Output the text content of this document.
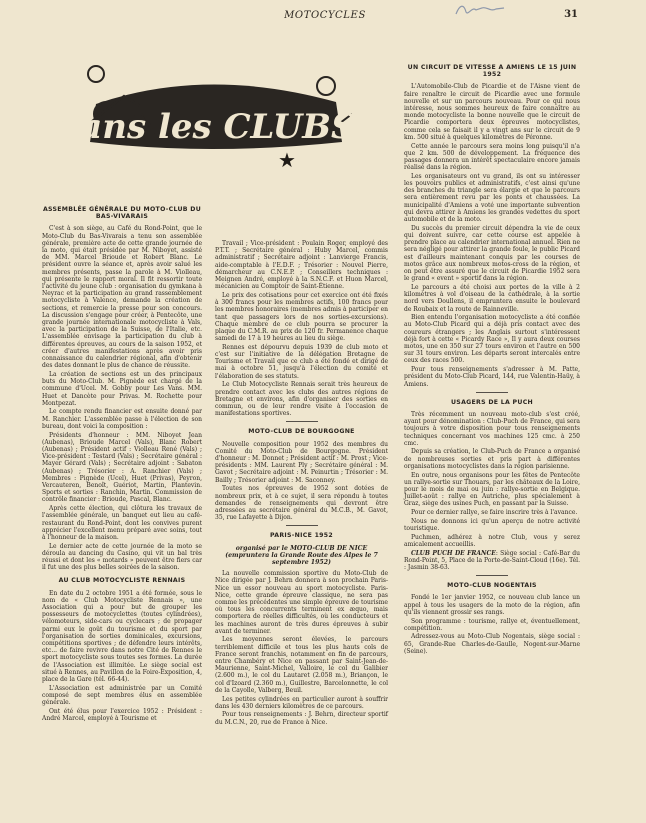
MOTOCYCLES	31
dans les CLUBS
★
ASSEMBLÉE GÉNÉRALE DU MOTO-CLUB DU BAS-VIVARAIS

C'est à son siège, au Café du Rond-Point, que le Moto-Club du Bas-Vivarais a tenu son assemblée générale, première acte de cette grande journée de la moto, qui était présidée par M. Niboyet, assisté de MM. Marcel Brioude et Robert Blanc. Le président ouvre la séance et, après avoir salué les membres présents, passe la parole à M. Violleau, qui présente le rapport moral. Il fit ressortir toute l'activité du jeune club : organisation du gymkana à Neyrac et la participation au grand rassemblement motocycliste à Valence, demande la création de sections, et remercie la presse pour son concours. La discussion s'engage pour créer, à Pentecôte, une grande journée internationale motocycliste à Vals, avec la participation de la Suisse, de l'Italie, etc. L'assemblée envisage la participation du club à différentes épreuves, au cours de la saison 1952, et créer d'autres manifestations après avoir pris connaissance du calendrier régional, afin d'obtenir des dates donnant le plus de chance de réussite.

La création de sections est un des principaux buts du Moto-Club. M. Pignède est chargé de la commune d'Ucel. M. Gobby pour Les Vans. MM. Huet et Dancète pour Privas. M. Rochette pour Montpezat.

Le compte rendu financier est ensuite donné par M. Ranchier. L'assemblée passe à l'élection de son bureau, dont voici la composition :

Présidents d'honneur : MM. Niboyet Jean (Aubenas), Brioude Marcel (Vals), Blanc Robert (Aubenas) ; Président actif : Violleau René (Vals) ; Vice-président : Testard (Vals) ; Secrétaire général : Mayer Gérard (Vals) ; Secrétaire adjoint : Sabaton (Aubenas) ; Trésorier : A. Ranchier (Vals) ; Membres : Pignède (Ucel), Huet (Privas), Peyron, Vercauteren, Benoît, Guériot, Martin, Plantevin. Sports et sorties : Ranchin, Martin. Commission de contrôle financier : Brioude, Pascal, Blanc.

Après cette élection, qui clôtura les travaux de l'assemblée générale, un banquet eut lieu au café-restaurant du Rond-Point, dont les convives purent apprécier l'excellent menu préparé avec soins, tout à l'honneur de la maison.

Le dernier acte de cette journée de la moto se déroula au dancing du Casino, qui vit un bal très réussi et dont les « motards » peuvent être fiers car il fut une des plus belles soirées de la saison.

AU CLUB MOTOCYCLISTE RENNAIS

En date du 2 octobre 1951 a été formée, sous le nom de « Club Motocycliste Rennais », une Association qui a pour but de grouper les possesseurs de motocyclettes (toutes cylindrées), vélomoteurs, side-cars ou cyclecars ; de propager parmi eux le goût du tourisme et du sport par l'organisation de sorties dominicales, excursions, compétitions sportives ; de défendre leurs intérêts, etc... de faire revivre dans notre Cité de Rennes le sport motocycliste sous toutes ses formes. La durée de l'Association est illimitée. Le siège social est situé à Rennes, au Pavillon de la Foire-Exposition, 4, place de la Gare (tél. 66-44).

L'Association est administrée par un Comité composé de sept membres élus en assemblée générale.

Ont été élus pour l'exercice 1952 : Président : André Marcel, employé à Tourisme et

Travail ; Vice-président : Poulain Roger, employé des P.T.T. ; Secrétaire général : Huby Marcel, commis administratif ; Secrétaire adjoint : Lanvierge Francis, aide-comptable à l'E.D.F. ; Trésorier : Nouvel Pierre, démarcheur au C.N.E.P. ; Conseillers techniques : Meignen André, employé à la S.N.C.F. et Huon Marcel, mécanicien au Comptoir de Saint-Étienne.

Le prix des cotisations pour cet exercice ont été fixés à 300 francs pour les membres actifs, 100 francs pour les membres honoraires (membres admis à participer en tant que passagers lors de nos sorties-excursions). Chaque membre de ce club pourra se procurer la plaque du C.M.R. au prix de 120 fr. Permanence chaque samedi de 17 à 19 heures au lieu du siège.

Rennes est dépourvu depuis 1939 de club moto et c'est sur l'initiative de la délégation Bretagne de Tourisme et Travail que ce club a été fondé et dirigé de mai à octobre 51, jusqu'à l'élection du comité et l'élaboration de ses statuts.

Le Club Motocycliste Rennais serait très heureux de prendre contact avec les clubs des autres régions de Bretagne et environs, afin d'organiser des sorties en commun, ou de leur rendre visite à l'occasion de manifestations sportives.

MOTO-CLUB DE BOURGOGNE

Nouvelle composition pour 1952 des membres du Comité du Moto-Club de Bourgogne. Président d'honneur : M. Donnet ; Président actif : M. Prost ; Vice-présidents : MM. Laurent Ply ; Secrétaire général : M. Gavot ; Secrétaire adjoint : M. Peinurtin ; Trésorier : M. Bailly ; Trésorier adjoint : M. Saconney.

Toutes nos épreuves de 1952 sont dotées de nombreux prix, et à ce sujet, il sera répondu à toutes demandes de renseignements qui devront être adressées au secrétaire général du M.C.B., M. Gavot, 35, rue Lafayette à Dijon.

PARIS-NICE 1952
organisé par le MOTO-CLUB DE NICE (empruntera la Grande Route des Alpes le 7 septembre 1952)

La nouvelle commission sportive du Moto-Club de Nice dirigée par J. Behrn donnera à son prochain Paris-Nice un essor nouveau au sport motocycliste. Paris-Nice, cette grande épreuve classique, ne sera pas comme les précédentes une simple épreuve de tourisme où tous les concurrents terminent ex æquo, mais comportera de réelles difficultés, où les conducteurs et les machines auront de très dures épreuves à subir avant de terminer.

Les moyennes seront élevées, le parcours terriblement difficile et tous les plus hauts cols de France seront franchis, notamment en fin de parcours, entre Chambéry et Nice en passant par Saint-Jean-de-Maurienne, Saint-Michel, Valloire, le col du Galibier (2.600 m.), le col du Lautaret (2.058 m.), Briançon, le col d'Izoard (2.360 m.), Guillestre, Barcelonnette, le col de la Cayolle, Valberg, Beuil.

Les petites cylindrées en particulier auront à souffrir dans les 430 derniers kilomètres de ce parcours.

Pour tous renseignements : J. Behrn, directeur sportif du M.C.N., 20, rue de France à Nice.

UN CIRCUIT DE VITESSE A AMIENS LE 15 JUIN 1952

L'Automobile-Club de Picardie et de l'Aisne vient de faire renaître le circuit de Picardie avec une formule nouvelle et sur un parcours nouveau. Pour ce qui nous intéresse, nous sommes heureux de faire connaître au monde motocycliste la bonne nouvelle que le circuit de Picardie comportera deux épreuves motocyclistes, comme cela se faisait il y a vingt ans sur le circuit de 9 km. 500 situé à quelques kilomètres de Péronne.

Cette année le parcours sera moins long puisqu'il n'a que 2 km. 500 de développement. La fréquence des passages donnera un intérêt spectaculaire encore jamais réalisé dans la région.

Les organisateurs ont vu grand, ils ont su intéresser les pouvoirs publics et administratifs, c'est ainsi qu'une des branches du triangle sera élargie et que le parcours sera entièrement revu par les ponts et chaussées. La municipalité d'Amiens a voté une importante subvention qui devra attirer à Amiens les grandes vedettes du sport automobile et de la moto.

Du succès du premier circuit dépendra la vie de ceux qui doivent suivre, car cette course est appelée à prendre place au calendrier international annuel. Rien ne sera négligé pour attirer la grande foule, le public Picard est d'ailleurs maintenant conquis par les courses de motos grâce aux nombreux motos-cross de la région, et on peut être assuré que le circuit de Picardie 1952 sera le grand « event » sportif dans la région.

Le parcours a été choisi aux portes de la ville à 2 kilomètres à vol d'oiseau de la cathédrale, à la sortie nord vers Doullens, il empruntera ensuite le boulevard de Roubaix et la route de Rainneville.

Bien entendu l'organisation motocycliste a été confiée au Moto-Club Picard qui a déjà pris contact avec des coureurs étrangers ; les Anglais surtout s'intéressent déjà fort à cette « Picardy Race », Il y aura deux courses motos, une en 350 sur 27 tours environ et l'autre en 500 sur 31 tours environ. Les départs seront intercalés entre ceux des races 500.

Pour tous renseignements s'adresser à M. Patte, président du Moto-Club Picard, 144, rue Valentin-Haüy, à Amiens.

USAGERS DE LA PUCH

Très récemment un nouveau moto-club s'est créé, ayant pour dénomination : Club-Puch de France, qui sera toujours à votre disposition pour tous renseignements techniques concernant vos machines 125 cmc. à 250 cmc.

Depuis sa création, le Club-Puch de France a organisé de nombreuses sorties et pris part à différentes organisations motocyclistes dans la région parisienne.

En outre, nous organisons pour les fêtes de Pentecôte un rallye-sortie sur Thouars, par les châteaux de la Loire, pour le mois de mai ou juin : rallye-sortie en Belgique. Juillet-août : rallye en Autriche, plus spécialement à Graz, siège des usines Puch, en passant par la Suisse.

Pour ce dernier rallye, se faire inscrire très à l'avance.

Nous ne donnons ici qu'un aperçu de notre activité touristique.

Puchmen, adhérez à notre Club, vous y serez amicalement accueillis.

CLUB PUCH DE FRANCE: Siège social : Café-Bar du Rond-Point, 5, Place de la Porte-de-Saint-Cloud (16e). Tél. : Jasmin 38-63.

MOTO-CLUB NOGENTAIS

Fondé le 1er janvier 1952, ce nouveau club lance un appel à tous les usagers de la moto de la région, afin qu'ils viennent grossir ses rangs.

Son programme : tourisme, rallye et, éventuellement, compétition.

Adressez-vous au Moto-Club Nogentais, siège social : 65, Grande-Rue Charles-de-Gaulle, Nogent-sur-Marne (Seine).
